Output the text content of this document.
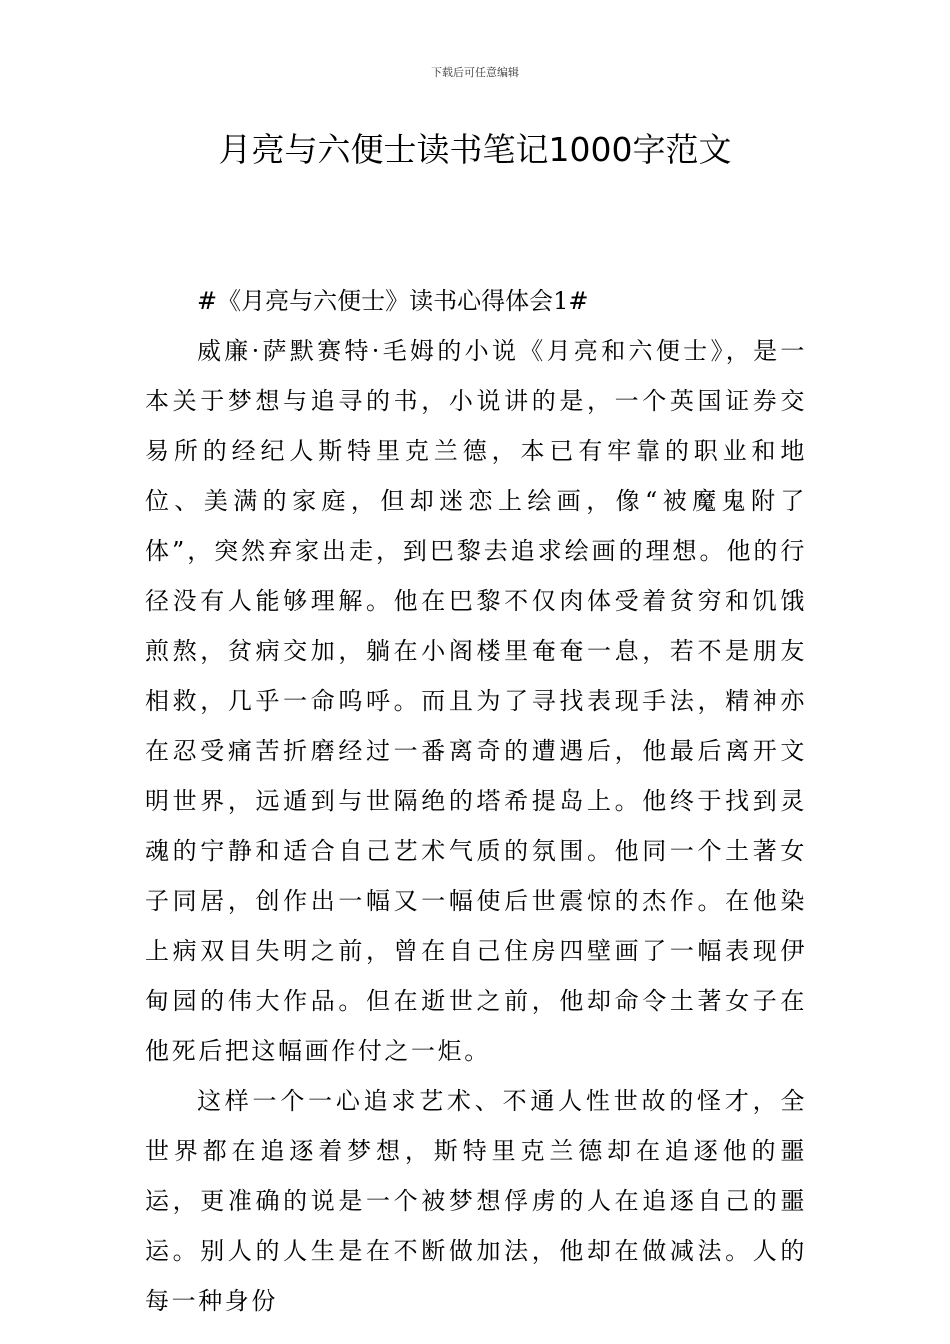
下载后可任意编辑
月亮与六便士读书笔记1000字范文
#《月亮与六便士》读书心得体会1#

威廉·萨默赛特·毛姆的小说《月亮和六便士》，是一本关于梦想与追寻的书，小说讲的是，一个英国证券交易所的经纪人斯特里克兰德，本已有牢靠的职业和地位、美满的家庭，但却迷恋上绘画，像“被魔鬼附了体”，突然弃家出走，到巴黎去追求绘画的理想。他的行径没有人能够理解。他在巴黎不仅肉体受着贫穷和饥饿煎熬，贫病交加，躺在小阁楼里奄奄一息，若不是朋友相救，几乎一命呜呼。而且为了寻找表现手法，精神亦在忍受痛苦折磨经过一番离奇的遭遇后，他最后离开文明世界，远遁到与世隔绝的塔希提岛上。他终于找到灵魂的宁静和适合自己艺术气质的氛围。他同一个土著女子同居，创作出一幅又一幅使后世震惊的杰作。在他染上病双目失明之前，曾在自己住房四壁画了一幅表现伊甸园的伟大作品。但在逝世之前，他却命令土著女子在他死后把这幅画作付之一炬。

这样一个一心追求艺术、不通人性世故的怪才，全世界都在追逐着梦想，斯特里克兰德却在追逐他的噩运，更准确的说是一个被梦想俘虏的人在追逐自己的噩运。别人的人生是在不断做加法，他却在做减法。人的每一种身份
